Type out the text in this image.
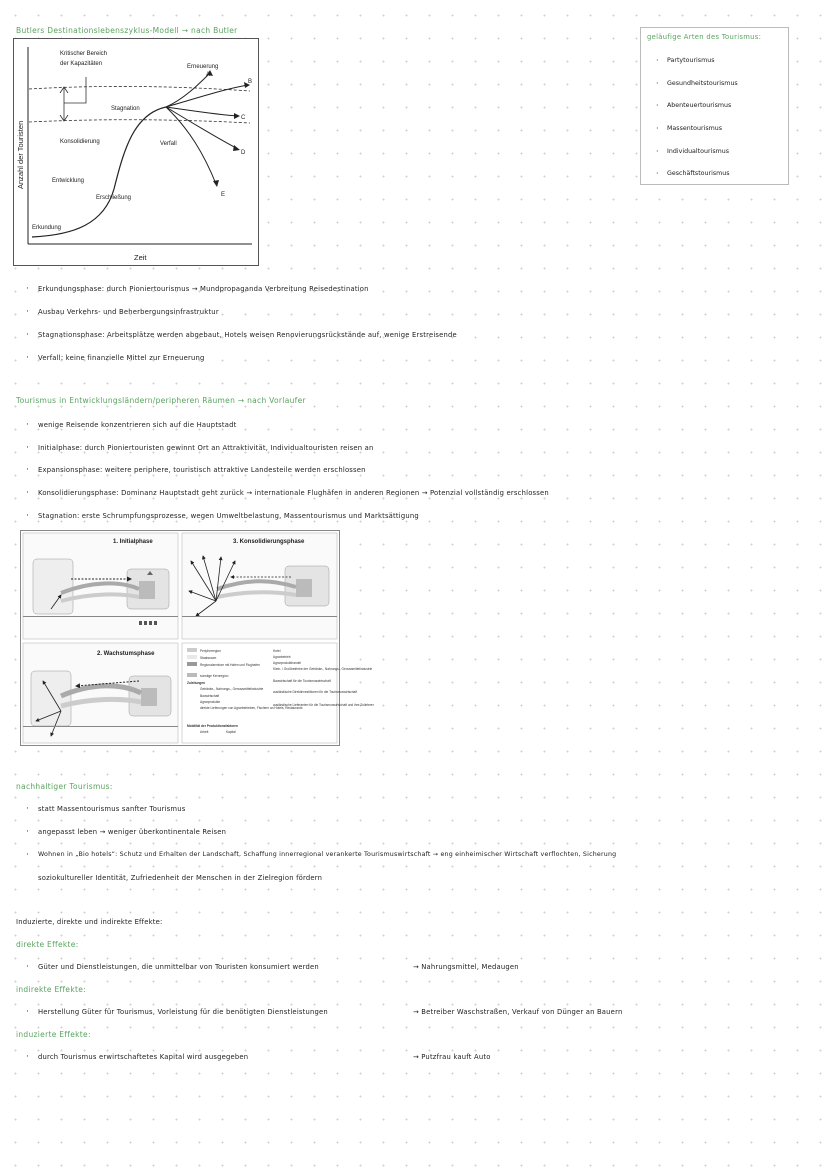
Butlers Destinationslebenszyklus-Modell → nach Butler
Anzahl der Touristen
Zeit
Kritischer Bereich
der Kapazitäten	Erneuerung
A
B
C
D
E
Stagnation
Konsolidierung	Verfall
Entwicklung
Erschließung
Erkundung
geläufige Arten des Tourismus:
· Partytourismus
· Gesundheitstourismus
· Abenteuertourismus
· Massentourismus
· Individualtourismus
· Geschäftstourismus
· Erkundungsphase: durch Pioniertourismus → Mundpropaganda Verbreitung Reisedestination
· Ausbau Verkehrs- und Beherbergungsinfrastruktur
· Stagnationsphase: Arbeitsplätze werden abgebaut, Hotels weisen Renovierungsrückstände auf, wenige Erstreisende
· Verfall: keine finanzielle Mittel zur Erneuerung
Tourismus in Entwicklungsländern/peripheren Räumen → nach Vorlaufer
· wenige Reisende konzentrieren sich auf die Hauptstadt
· Initialphase: durch Pioniertouristen gewinnt Ort an Attraktivität, Individualtouristen reisen an
· Expansionsphase: weitere periphere, touristisch attraktive Landesteile werden erschlossen
· Konsolidierungsphase: Dominanz Hauptstadt geht zurück → internationale Flughäfen in anderen Regionen → Potenzial vollständig erschlossen
· Stagnation: erste Schrumpfungsprozesse, wegen Umweltbelastung, Massentourismus und Marktsättigung
1. Initialphase	3. Konsolidierungsphase
2. Wachstumsphase	Peripherregion
Staatsraum
Regionalzentrum mit Hafen und Flughafen
sonstige Kernregion
Zuleitungen
Getränke-, Nahrungs-, Genussmittelindustrie
Bauwirtschaft
Agrarprodukte
direkte Lieferungen von Agrarbetrieben, Fischern an Hotels, Restaurants
Mobilität der Produktionsfaktoren
Arbeit	Kapital
Hotel
Agrarbetrieb
Agrarprodukthandel
Klein- / Großbetriebe der Getränke-, Nahrungs-, Genussmittelindustrie
Bauwirtschaft für die Tourismuswirtschaft
ausländische Direktinvestitionen für die Tourismuswirtschaft
ausländische Lieferanten für die Tourismuswirtschaft und ihre Zulieferer
nachhaltiger Tourismus:
· statt Massentourismus sanfter Tourismus
· angepasst leben → weniger überkontinentale Reisen
· Wohnen in „Bio hotels“: Schutz und Erhalten der Landschaft, Schaffung innerregional verankerte Tourismuswirtschaft → eng einheimischer Wirtschaft verflochten, Sicherung
soziokultureller Identität, Zufriedenheit der Menschen in der Zielregion fördern
Induzierte, direkte und indirekte Effekte:
direkte Effekte:
· Güter und Dienstleistungen, die unmittelbar von Touristen konsumiert werden	→ Nahrungsmittel, Medaugen
indirekte Effekte:
· Herstellung Güter für Tourismus, Vorleistung für die benötigten Dienstleistungen	→ Betreiber Waschstraßen, Verkauf von Dünger an Bauern
induzierte Effekte:
· durch Tourismus erwirtschaftetes Kapital wird ausgegeben	→ Putzfrau kauft Auto
